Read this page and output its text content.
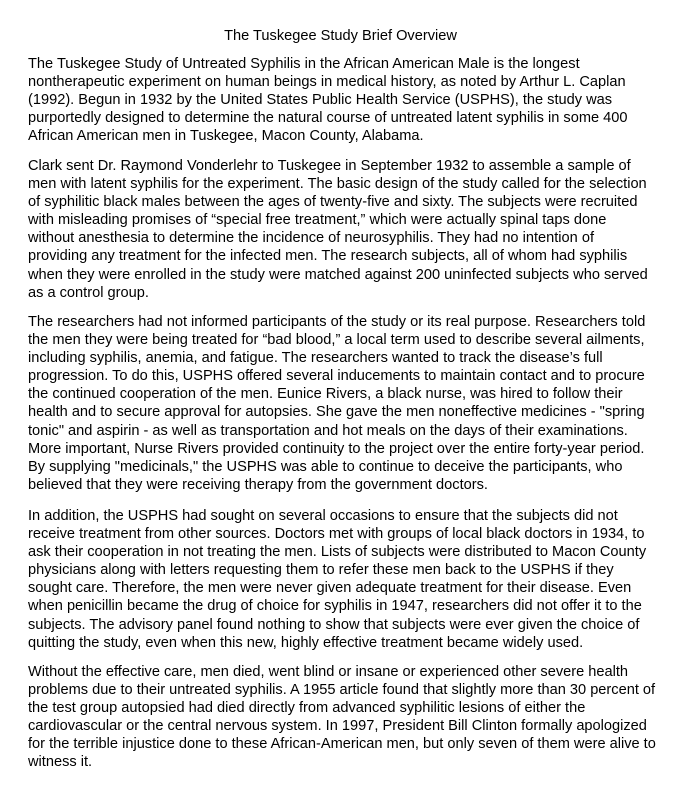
The Tuskegee Study Brief Overview

The Tuskegee Study of Untreated Syphilis in the African American Male is the longest nontherapeutic experiment on human beings in medical history, as noted by Arthur L. Caplan (1992). Begun in 1932 by the United States Public Health Service (USPHS), the study was purportedly designed to determine the natural course of untreated latent syphilis in some 400 African American men in Tuskegee, Macon County, Alabama.

Clark sent Dr. Raymond Vonderlehr to Tuskegee in September 1932 to assemble a sample of men with latent syphilis for the experiment. The basic design of the study called for the selection of syphilitic black males between the ages of twenty-five and sixty. The subjects were recruited with misleading promises of “special free treatment,” which were actually spinal taps done without anesthesia to determine the incidence of neurosyphilis. They had no intention of providing any treatment for the infected men. The research subjects, all of whom had syphilis when they were enrolled in the study were matched against 200 uninfected subjects who served as a control group.

The researchers had not informed participants of the study or its real purpose. Researchers told the men they were being treated for “bad blood,” a local term used to describe several ailments, including syphilis, anemia, and fatigue. The researchers wanted to track the disease’s full progression. To do this, USPHS offered several inducements to maintain contact and to procure the continued cooperation of the men. Eunice Rivers, a black nurse, was hired to follow their health and to secure approval for autopsies. She gave the men noneffective medicines - "spring tonic" and aspirin - as well as transportation and hot meals on the days of their examinations. More important, Nurse Rivers provided continuity to the project over the entire forty-year period. By supplying "medicinals," the USPHS was able to continue to deceive the participants, who believed that they were receiving therapy from the government doctors.

In addition, the USPHS had sought on several occasions to ensure that the subjects did not receive treatment from other sources. Doctors met with groups of local black doctors in 1934, to ask their cooperation in not treating the men. Lists of subjects were distributed to Macon County physicians along with letters requesting them to refer these men back to the USPHS if they sought care. Therefore, the men were never given adequate treatment for their disease. Even when penicillin became the drug of choice for syphilis in 1947, researchers did not offer it to the subjects. The advisory panel found nothing to show that subjects were ever given the choice of quitting the study, even when this new, highly effective treatment became widely used.

Without the effective care, men died, went blind or insane or experienced other severe health problems due to their untreated syphilis. A 1955 article found that slightly more than 30 percent of the test group autopsied had died directly from advanced syphilitic lesions of either the cardiovascular or the central nervous system. In 1997, President Bill Clinton formally apologized for the terrible injustice done to these African-American men, but only seven of them were alive to witness it.
